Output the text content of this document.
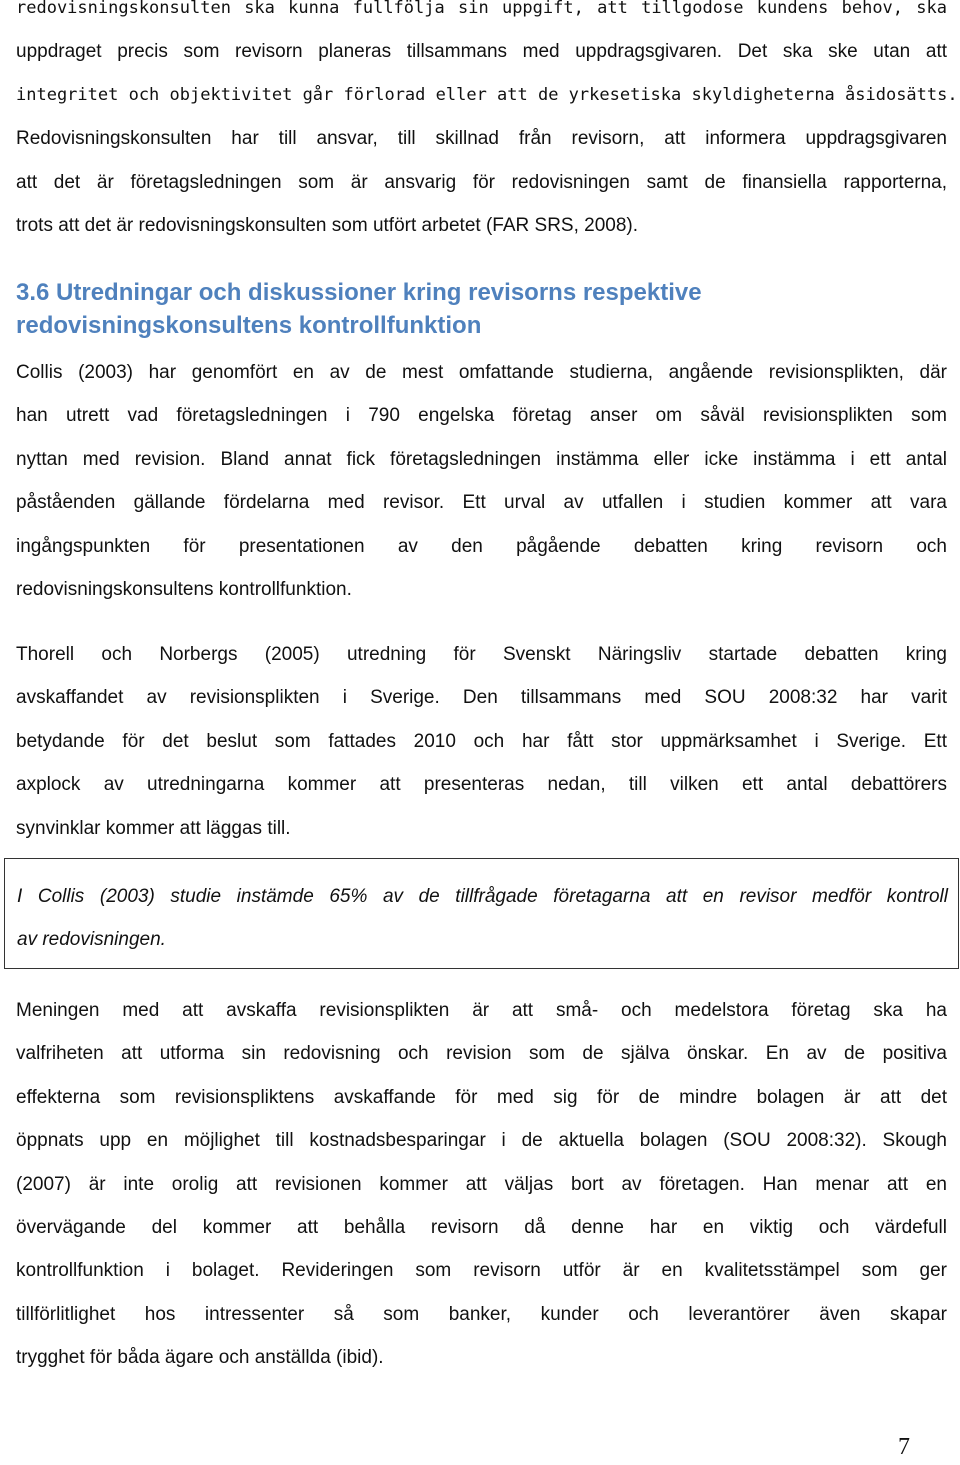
redovisningskonsulten ska kunna fullfölja sin uppgift, att tillgodose kundens behov, ska
uppdraget precis som revisorn planeras tillsammans med uppdragsgivaren. Det ska ske utan att
integritet och objektivitet går förlorad eller att de yrkesetiska skyldigheterna åsidosätts.
Redovisningskonsulten har till ansvar, till skillnad från revisorn, att informera uppdragsgivaren
att det är företagsledningen som är ansvarig för redovisningen samt de finansiella rapporterna,
trots att det är redovisningskonsulten som utfört arbetet (FAR SRS, 2008).
3.6 Utredningar och diskussioner kring revisorns respektive
redovisningskonsultens kontrollfunktion
Collis (2003) har genomfört en av de mest omfattande studierna, angående revisionsplikten, där
han utrett vad företagsledningen i 790 engelska företag anser om såväl revisionsplikten som
nyttan med revision. Bland annat fick företagsledningen instämma eller icke instämma i ett antal
påståenden gällande fördelarna med revisor. Ett urval av utfallen i studien kommer att vara
ingångspunkten för presentationen av den pågående debatten kring revisorn och
redovisningskonsultens kontrollfunktion.
Thorell och Norbergs (2005) utredning för Svenskt Näringsliv startade debatten kring
avskaffandet av revisionsplikten i Sverige. Den tillsammans med SOU 2008:32 har varit
betydande för det beslut som fattades 2010 och har fått stor uppmärksamhet i Sverige. Ett
axplock av utredningarna kommer att presenteras nedan, till vilken ett antal debattörers
synvinklar kommer att läggas till.
I Collis (2003) studie instämde 65% av de tillfrågade företagarna att en revisor medför kontroll
av redovisningen.
Meningen med att avskaffa revisionsplikten är att små- och medelstora företag ska ha
valfriheten att utforma sin redovisning och revision som de själva önskar. En av de positiva
effekterna som revisionspliktens avskaffande för med sig för de mindre bolagen är att det
öppnats upp en möjlighet till kostnadsbesparingar i de aktuella bolagen (SOU 2008:32). Skough
(2007) är inte orolig att revisionen kommer att väljas bort av företagen. Han menar att en
övervägande del kommer att behålla revisorn då denne har en viktig och värdefull
kontrollfunktion i bolaget. Revideringen som revisorn utför är en kvalitetsstämpel som ger
tillförlitlighet hos intressenter så som banker, kunder och leverantörer även skapar
trygghet för båda ägare och anställda (ibid).
7
